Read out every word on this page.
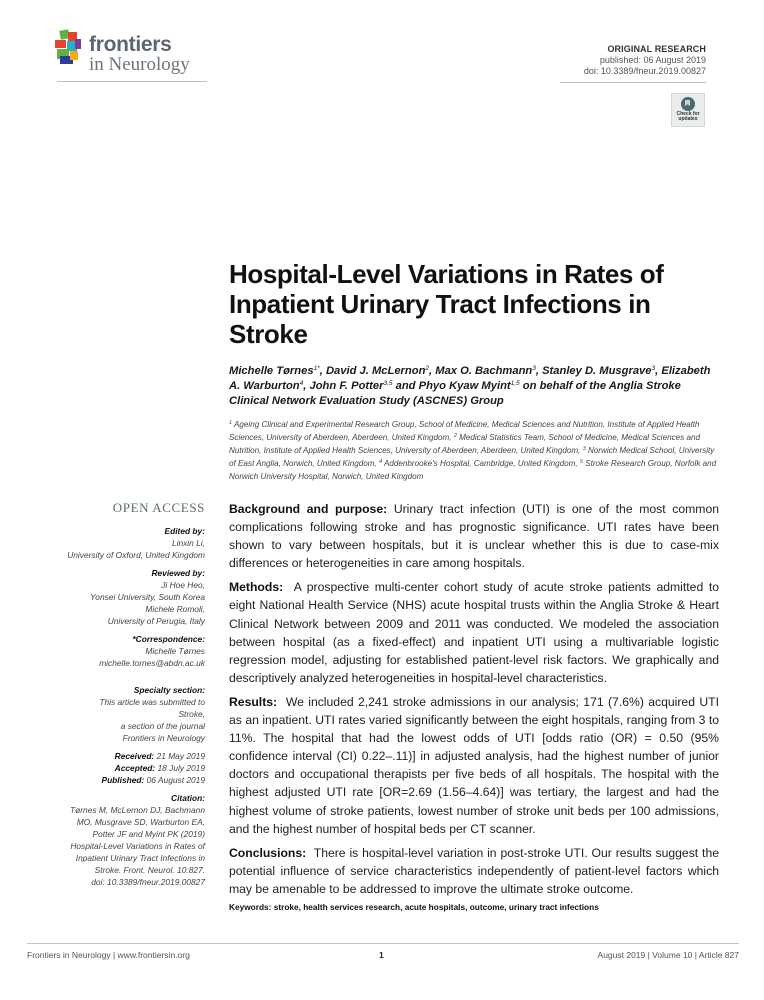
frontiers
in Neurology
ORIGINAL RESEARCH
published: 06 August 2019
doi: 10.3389/fneur.2019.00827
Check for
updates
Hospital-Level Variations in Rates of
Inpatient Urinary Tract Infections in
Stroke
Michelle Tørnes$^{1*}$, David J. McLernon$^2$, Max O. Bachmann$^3$, Stanley D. Musgrave$^3$, Elizabeth A. Warburton$^4$, John F. Potter$^{3,5}$ and Phyo Kyaw Myint$^{1,5}$ on behalf of the Anglia Stroke Clinical Network Evaluation Study (ASCNES) Group
$^1$ Ageing Clinical and Experimental Research Group, School of Medicine, Medical Sciences and Nutrition, Institute of Applied Health Sciences, University of Aberdeen, Aberdeen, United Kingdom, $^2$ Medical Statistics Team, School of Medicine, Medical Sciences and Nutrition, Institute of Applied Health Sciences, University of Aberdeen, Aberdeen, United Kingdom, $^3$ Norwich Medical School, University of East Anglia, Norwich, United Kingdom, $^4$ Addenbrooke's Hospital, Cambridge, United Kingdom, $^5$ Stroke Research Group, Norfolk and Norwich University Hospital, Norwich, United Kingdom
OPEN ACCESS
Edited by:
Linxin Li,
University of Oxford, United Kingdom
Reviewed by:
Ji Hoe Heo,
Yonsei University, South Korea
Michele Romoli,
University of Perugia, Italy
*Correspondence:
Michelle Tørnes
michelle.tornes@abdn.ac.uk
Specialty section:
This article was submitted to
Stroke,
a section of the journal
Frontiers in Neurology
Received: 21 May 2019
Accepted: 18 July 2019
Published: 06 August 2019
Citation:
Tørnes M, McLernon DJ, Bachmann
MO, Musgrave SD, Warburton EA,
Potter JF and Myint PK (2019)
Hospital-Level Variations in Rates of
Inpatient Urinary Tract Infections in
Stroke. Front. Neurol. 10:827.
doi: 10.3389/fneur.2019.00827

Background and purpose: Urinary tract infection (UTI) is one of the most common complications following stroke and has prognostic significance. UTI rates have been shown to vary between hospitals, but it is unclear whether this is due to case-mix differences or heterogeneities in care among hospitals.

Methods: A prospective multi-center cohort study of acute stroke patients admitted to eight National Health Service (NHS) acute hospital trusts within the Anglia Stroke & Heart Clinical Network between 2009 and 2011 was conducted. We modeled the association between hospital (as a fixed-effect) and inpatient UTI using a multivariable logistic regression model, adjusting for established patient-level risk factors. We graphically and descriptively analyzed heterogeneities in hospital-level characteristics.

Results: We included 2,241 stroke admissions in our analysis; 171 (7.6%) acquired UTI as an inpatient. UTI rates varied significantly between the eight hospitals, ranging from 3 to 11%. The hospital that had the lowest odds of UTI [odds ratio (OR) = 0.50 (95% confidence interval (CI) 0.22–.11)] in adjusted analysis, had the highest number of junior doctors and occupational therapists per five beds of all hospitals. The hospital with the highest adjusted UTI rate [OR=2.69 (1.56–4.64)] was tertiary, the largest and had the highest volume of stroke patients, lowest number of stroke unit beds per 100 admissions, and the highest number of hospital beds per CT scanner.

Conclusions: There is hospital-level variation in post-stroke UTI. Our results suggest the potential influence of service characteristics independently of patient-level factors which may be amenable to be addressed to improve the ultimate stroke outcome.

Keywords: stroke, health services research, acute hospitals, outcome, urinary tract infections
Frontiers in Neurology | www.frontiersin.org	1	August 2019 | Volume 10 | Article 827
